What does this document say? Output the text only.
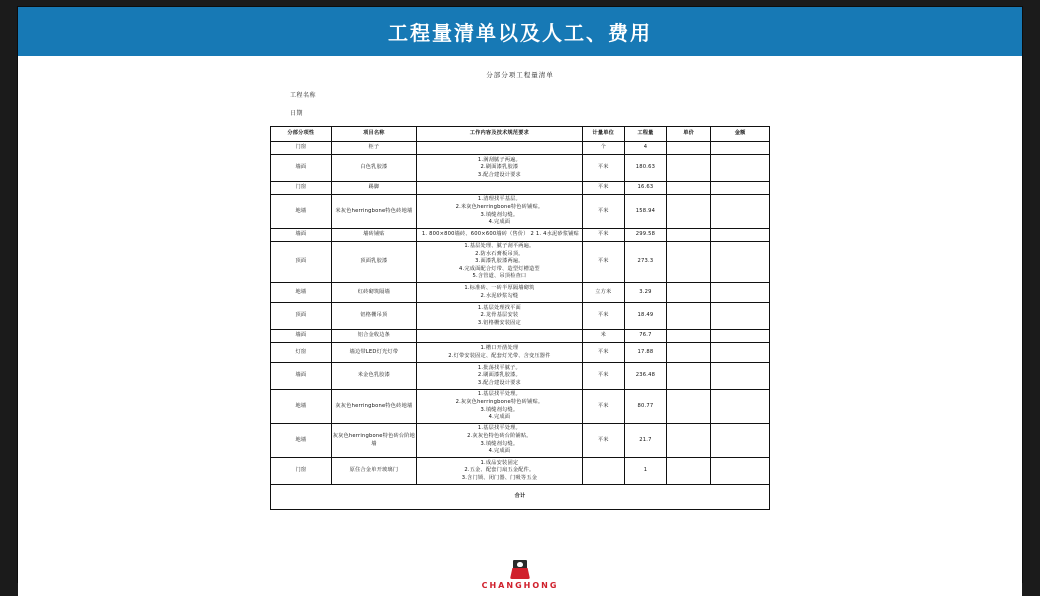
工程量清单以及人工、费用
分部分项工程量清单
工程名称
日期
分部分项性	项目名称	工作内容及技术规范要求	计量单位	工程量	单价	金额
门窗	柜子		个	4		
墙面	白色乳胶漆	1.满刮腻子两遍。
2.刷面漆乳胶漆
3.配合建设计要求	平米	180.63		
门窗	踢脚		平米	16.63		
地墙	米灰色herringbone特色砖地墙	1.清理找平基层。
2.米灰色herringbone特色砖铺贴。
3.填缝剂勾缝。
4.完成面	平米	158.94		
墙面	墙砖铺贴	1. 800×800墙砖、600×600墙砖（售价） 2 1. 4水泥砂浆铺贴	平米	299.58		
顶面	顶面乳胶漆	1.基层处理、腻子刮平两遍。
2.防水石膏板吊顶。
3.面漆乳胶漆两遍。
4.完成面配合灯带、造型灯槽造型
5.含管道、吊顶检查口	平米	273.3		
地墙	红砖砌筑隔墙	1.标准砖、一砖半厚隔墙砌筑
2.水泥砂浆勾缝	立方米	3.29		
顶面	铝格栅吊顶	1.基层处理找平面
2.龙骨基层安装
3.铝格栅安装固定	平米	18.49		
墙面	铝合金收边条		米	76.7		
灯窗	墙边带LED灯光灯带	1.槽口开凿处理
2.灯带安装固定、配套灯光带、含变压器件	平米	17.88		
墙面	米金色乳胶漆	1.批荡找平腻子。
2.刷面漆乳胶漆。
3.配合建设计要求	平米	236.48		
地墙	灰灰色herringbone特色砖地墙	1.基层找平处理。
2.灰灰色herringbone特色砖铺贴。
3.填缝剂勾缝。
4.完成面	平米	80.77		
地墙	灰灰色herringbone特色砖台阶地墙	1.基层找平处理。
2.灰灰色特色砖台阶铺贴。
3.填缝剂勾缝。
4.完成面	平米	21.7		
门窗	原住合金单开玻璃门	1.成品安装固定
2.五金、配套门扇五金配件。
3.含门锁、闭门器、门吸等五金		1		
合计						
CHANGHONG
